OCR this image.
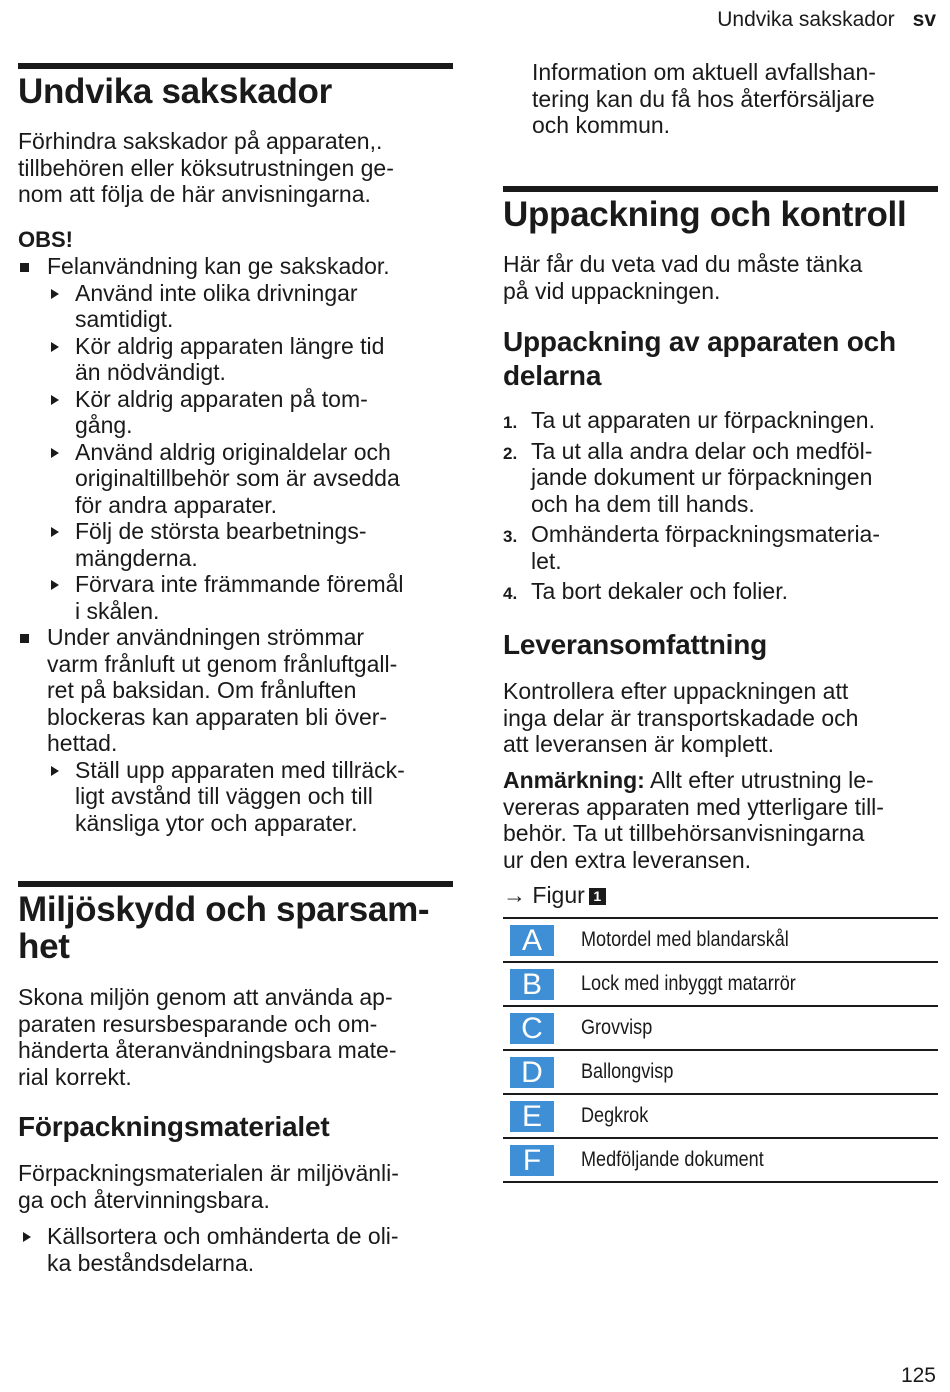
Undvika sakskador sv
Undvika sakskador

Förhindra sakskador på apparaten,.

tillbehören eller köksutrustningen ge-

nom att följa de här anvisningarna.

OBS!

Felanvändning kan ge sakskador.
Använd inte olika drivningar
samtidigt.
Kör aldrig apparaten längre tid
än nödvändigt.
Kör aldrig apparaten på tom-
gång.
Använd aldrig originaldelar och
originaltillbehör som är avsedda
för andra apparater.
Följ de största bearbetnings-
mängderna.
Förvara inte främmande föremål
i skålen.
Under användningen strömmar
varm frånluft ut genom frånluftgall-
ret på baksidan. Om frånluften
blockeras kan apparaten bli över-
hettad.
Ställ upp apparaten med tillräck-
ligt avstånd till väggen och till
känsliga ytor och apparater.
Miljöskydd och sparsam-
het

Skona miljön genom att använda ap-

paraten resursbesparande och om-

händerta återanvändningsbara mate-

rial korrekt.

Förpackningsmaterialet

Förpackningsmaterialen är miljövänli-

ga och återvinningsbara.

Källsortera och omhänderta de oli-
ka beståndsdelarna.

Information om aktuell avfallshan-

tering kan du få hos återförsäljare

och kommun.

Uppackning och kontroll

Här får du veta vad du måste tänka

på vid uppackningen.

Uppackning av apparaten och
delarna
1. Ta ut apparaten ur förpackningen.
2. Ta ut alla andra delar och medföl-
jande dokument ur förpackningen
och ha dem till hands.
3. Omhänderta förpackningsmateria-
let.
4. Ta bort dekaler och folier.
Leveransomfattning

Kontrollera efter uppackningen att

inga delar är transportskadade och

att leveransen är komplett.

Anmärkning: Allt efter utrustning le-

vereras apparaten med ytterligare till-

behör. Ta ut tillbehörsanvisningarna

ur den extra leveransen.

→ Figur 1
A	Motordel med blandarskål

B	Lock med inbyggt matarrör

C	Grovvisp

D	Ballongvisp

E	Degkrok

F	Medföljande dokument
125
